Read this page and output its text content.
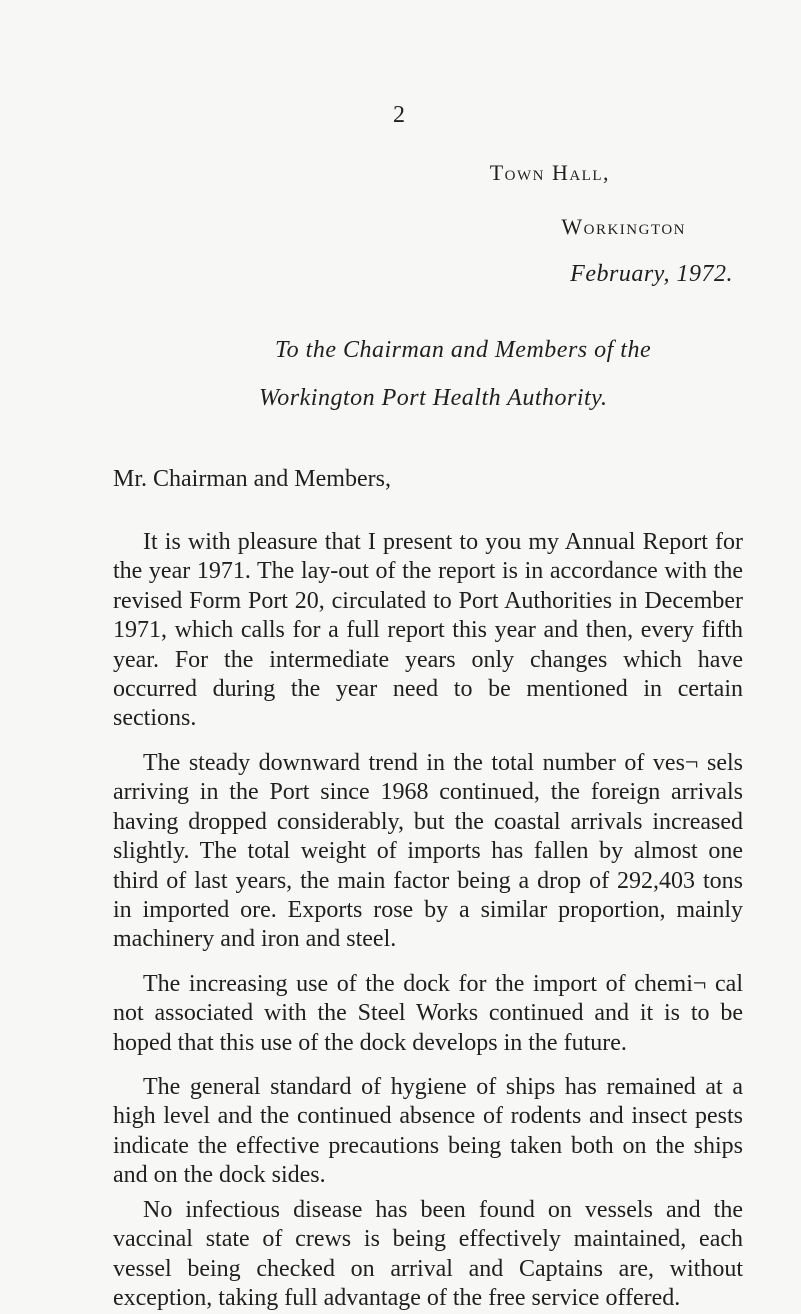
2
Town Hall,
Workington
February, 1972.
To the Chairman and Members of the
Workington Port Health Authority.
Mr. Chairman and Members,

It is with pleasure that I present to you my Annual Report for the year 1971. The lay-out of the report is in accordance with the revised Form Port 20, circulated to Port Authorities in December 1971, which calls for a full report this year and then, every fifth year. For the intermediate years only changes which have occurred during the year need to be mentioned in certain sections.

The steady downward trend in the total number of ves¬ sels arriving in the Port since 1968 continued, the foreign arrivals having dropped considerably, but the coastal arrivals increased slightly. The total weight of imports has fallen by almost one third of last years, the main factor being a drop of 292,403 tons in imported ore. Exports rose by a similar proportion, mainly machinery and iron and steel.

The increasing use of the dock for the import of chemi¬ cal not associated with the Steel Works continued and it is to be hoped that this use of the dock develops in the future.

The general standard of hygiene of ships has remained at a high level and the continued absence of rodents and insect pests indicate the effective precautions being taken both on the ships and on the dock sides.

No infectious disease has been found on vessels and the vaccinal state of crews is being effectively maintained, each vessel being checked on arrival and Captains are, without exception, taking full advantage of the free service offered.
